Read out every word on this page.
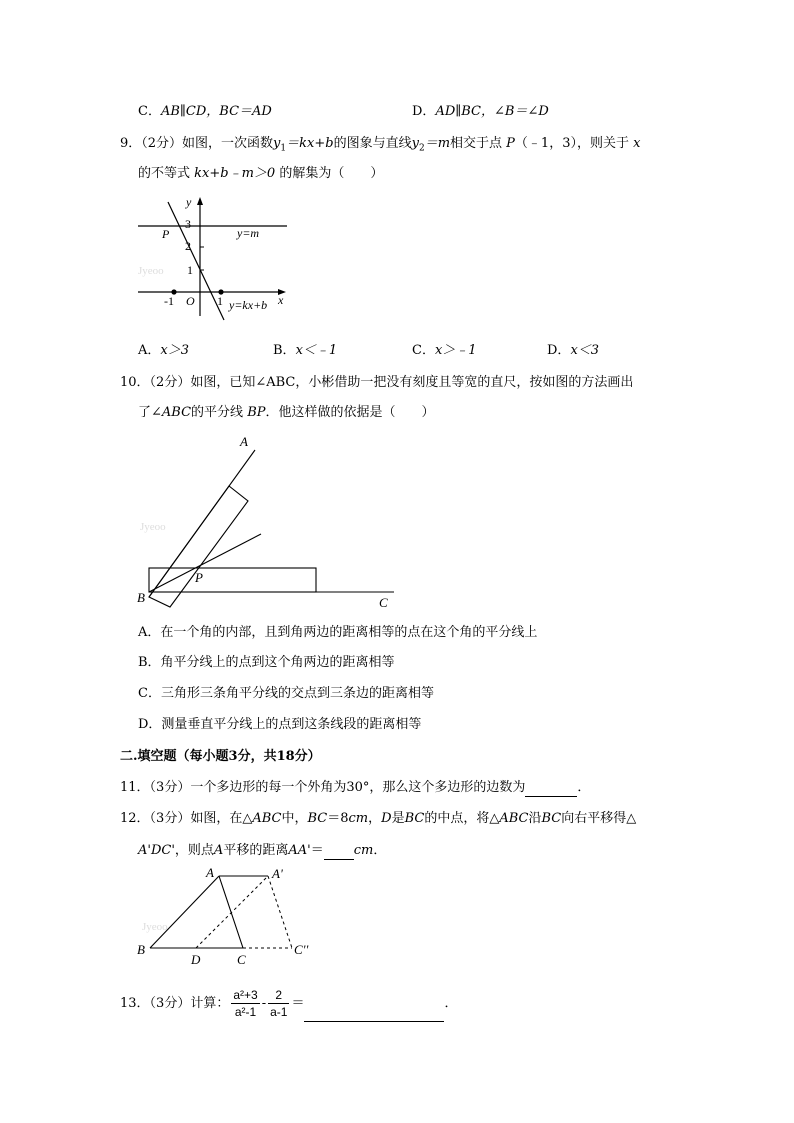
C．AB∥CD，BC＝AD	D．AD∥BC，∠B＝∠D
9．（2分）如图，一次函数$y_1=kx+b$的图象与直线$y_2=m$相交于点 P（﹣1，3），则关于 x
的不等式 kx+b﹣m＞0 的解集为（　　）
Jyeoo
y
3
2
1
P	y=m
-1 O 1 y=kx+b x
A．x＞3	B．x＜﹣1	C．x＞﹣1	D．x＜3
10．（2分）如图，已知∠ABC，小彬借助一把没有刻度且等宽的直尺，按如图的方法画出
了∠ABC的平分线 BP．他这样做的依据是（　　）
Jyeoo
A
B	C
P
A．在一个角的内部，且到角两边的距离相等的点在这个角的平分线上
B．角平分线上的点到这个角两边的距离相等
C．三角形三条角平分线的交点到三条边的距离相等
D．测量垂直平分线上的点到这条线段的距离相等
二.填空题（每小题3分，共18分）
11．（3分）一个多边形的每一个外角为30°，那么这个多边形的边数为	．
12．（3分）如图，在△ABC中，BC＝8cm，D是BC的中点，将△ABC沿BC向右平移得△
A'DC'，则点A平移的距离AA'＝ cm．
Jyeoo
A	A'
B
D	C
C''
13．（3分）计算： $\frac{\text{a²+3}}{\text{a²-1}} - \frac{2}{a-1}$ ＝	．
